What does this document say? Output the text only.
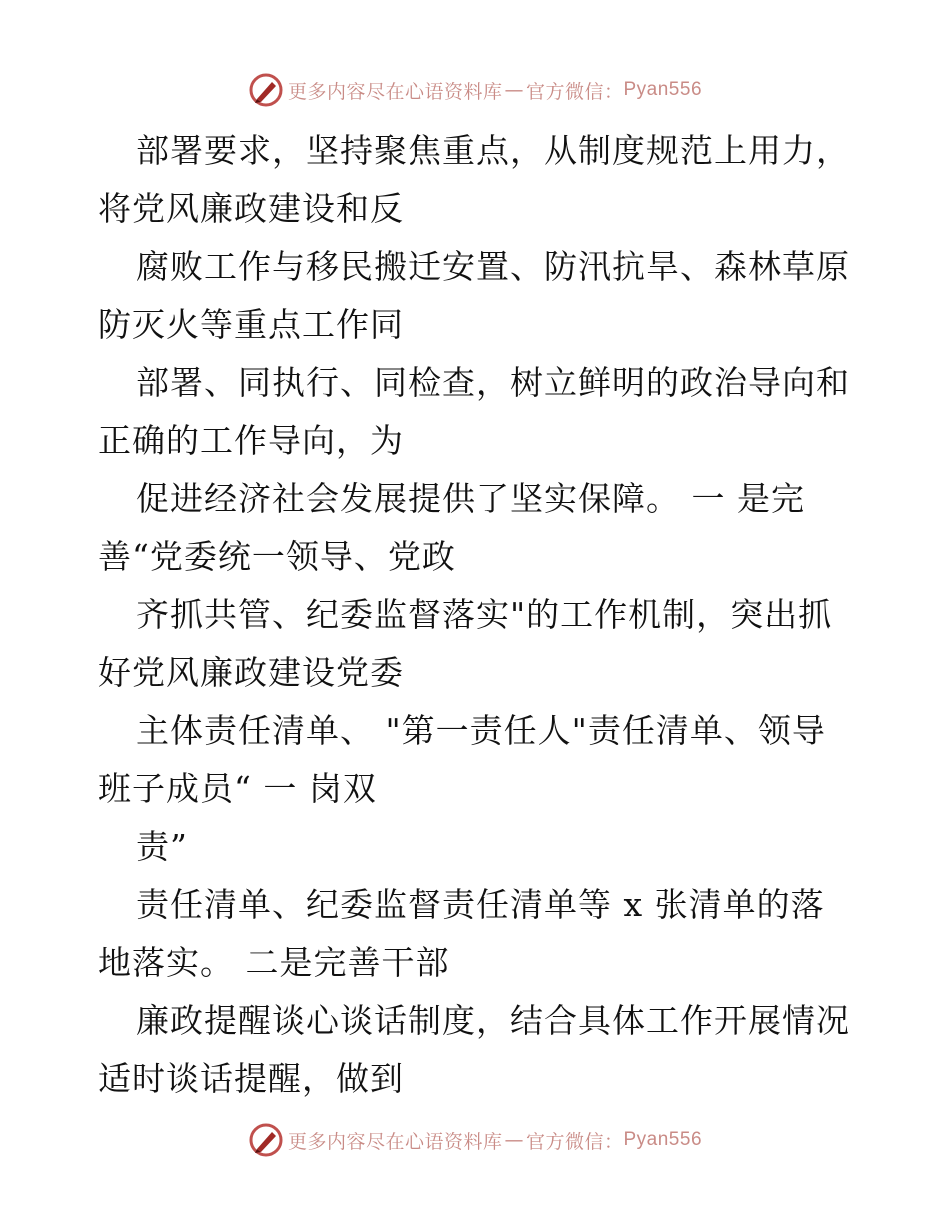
更多内容尽在心语资料库 — 官方微信： Pyan556
部署要求，坚持聚焦重点，从制度规范上用力，
将党风廉政建设和反
腐败工作与移民搬迁安置、防汛抗旱、森林草原
防灭火等重点工作同
部署、同执行、同检查，树立鲜明的政治导向和
正确的工作导向，为
促进经济社会发展提供了坚实保障。 一 是完
善“党委统一领导、党政
齐抓共管、纪委监督落实"的工作机制，突出抓
好党风廉政建设党委
主体责任清单、 "第一责任人"责任清单、领导
班子成员“ 一 岗双
责”
责任清单、纪委监督责任清单等 x 张清单的落
地落实。 二是完善干部
廉政提醒谈心谈话制度，结合具体工作开展情况
适时谈话提醒，做到
更多内容尽在心语资料库 — 官方微信： Pyan556
